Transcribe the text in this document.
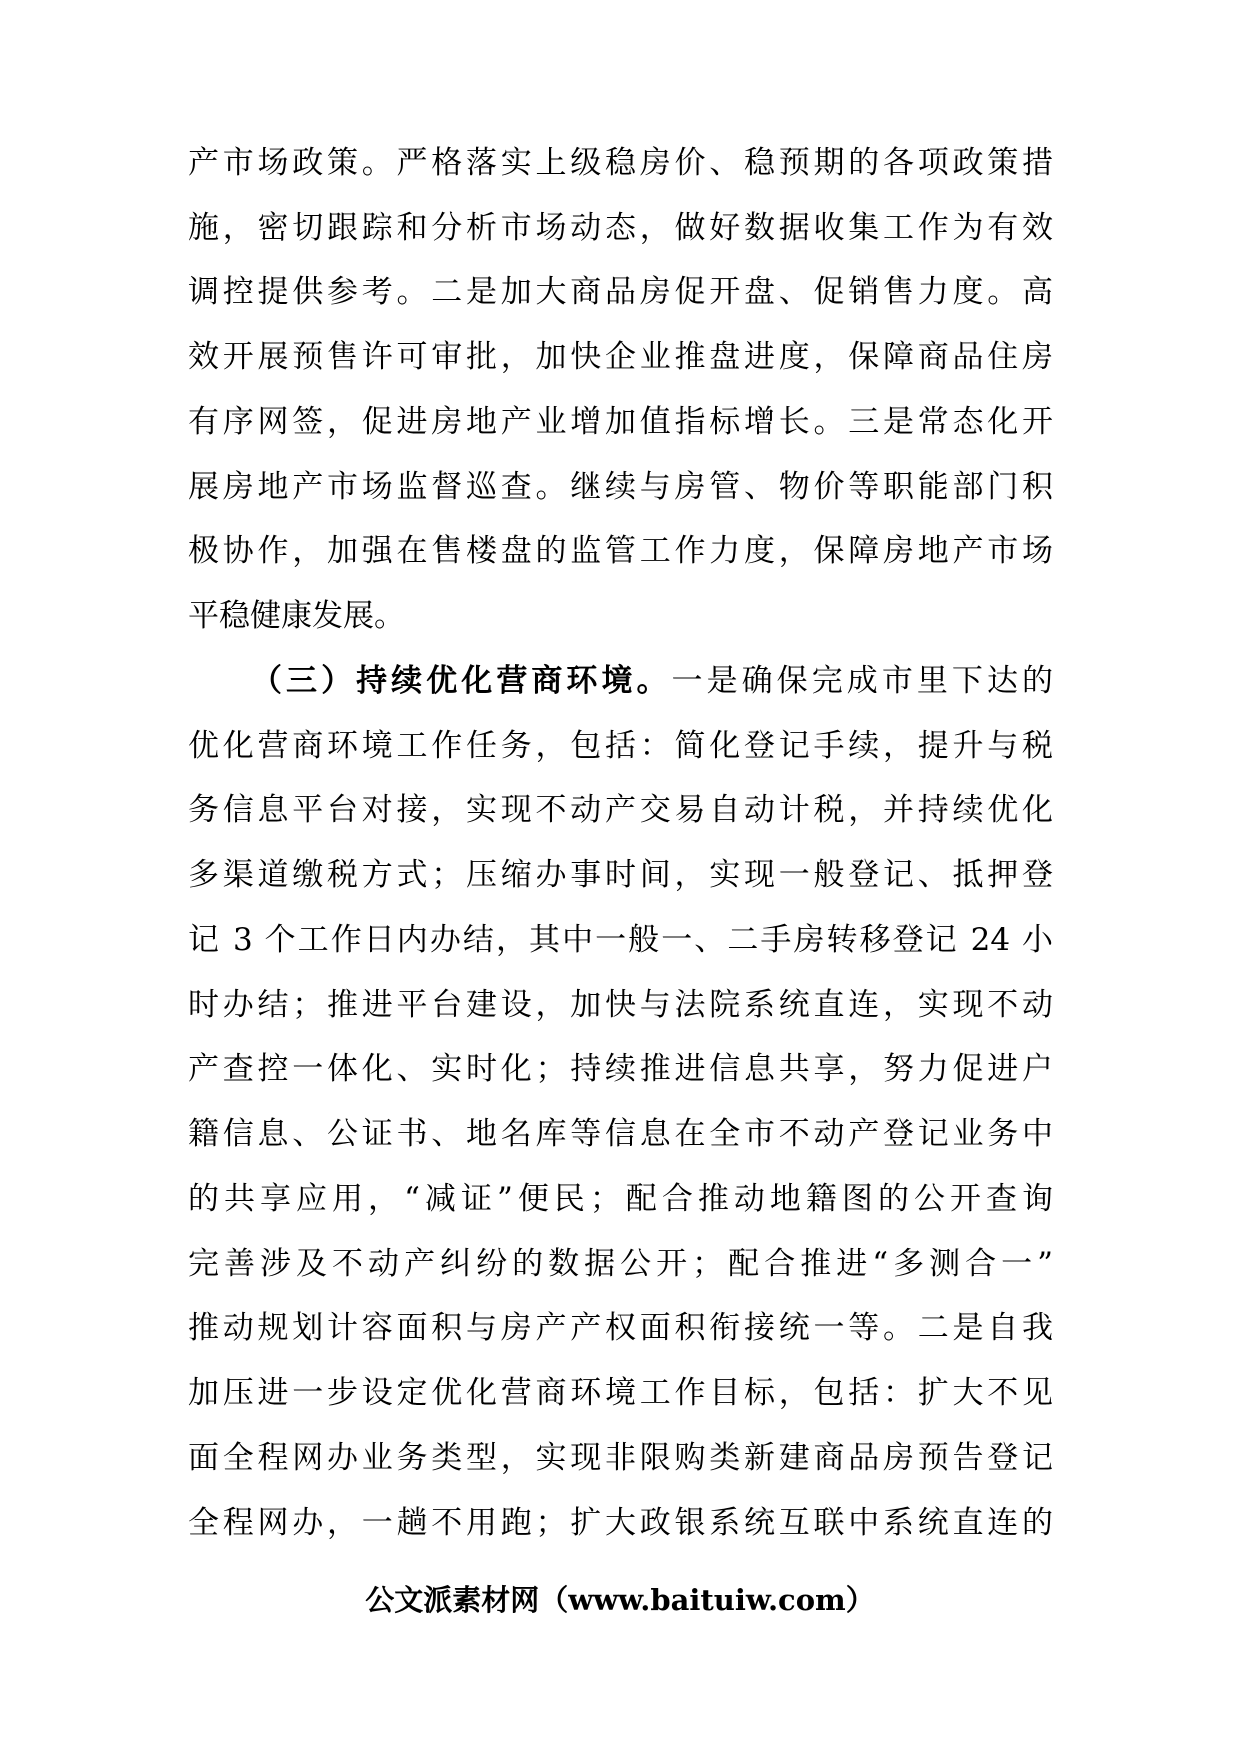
产市场政策。严格落实上级稳房价、稳预期的各项政策措
施，密切跟踪和分析市场动态，做好数据收集工作为有效
调控提供参考。二是加大商品房促开盘、促销售力度。高
效开展预售许可审批，加快企业推盘进度，保障商品住房
有序网签，促进房地产业增加值指标增长。三是常态化开
展房地产市场监督巡查。继续与房管、物价等职能部门积
极协作，加强在售楼盘的监管工作力度，保障房地产市场
平稳健康发展。
（三）持续优化营商环境。一是确保完成市里下达的
优化营商环境工作任务，包括：简化登记手续，提升与税
务信息平台对接，实现不动产交易自动计税，并持续优化
多渠道缴税方式；压缩办事时间，实现一般登记、抵押登
记 3 个工作日内办结，其中一般一、二手房转移登记 24 小
时办结；推进平台建设，加快与法院系统直连，实现不动
产查控一体化、实时化；持续推进信息共享，努力促进户
籍信息、公证书、地名库等信息在全市不动产登记业务中
的共享应用，“减证”便民；配合推动地籍图的公开查询
完善涉及不动产纠纷的数据公开；配合推进“多测合一”
推动规划计容面积与房产产权面积衔接统一等。二是自我
加压进一步设定优化营商环境工作目标，包括：扩大不见
面全程网办业务类型，实现非限购类新建商品房预告登记
全程网办，一趟不用跑；扩大政银系统互联中系统直连的
公文派素材网（www.baituiw.com）
